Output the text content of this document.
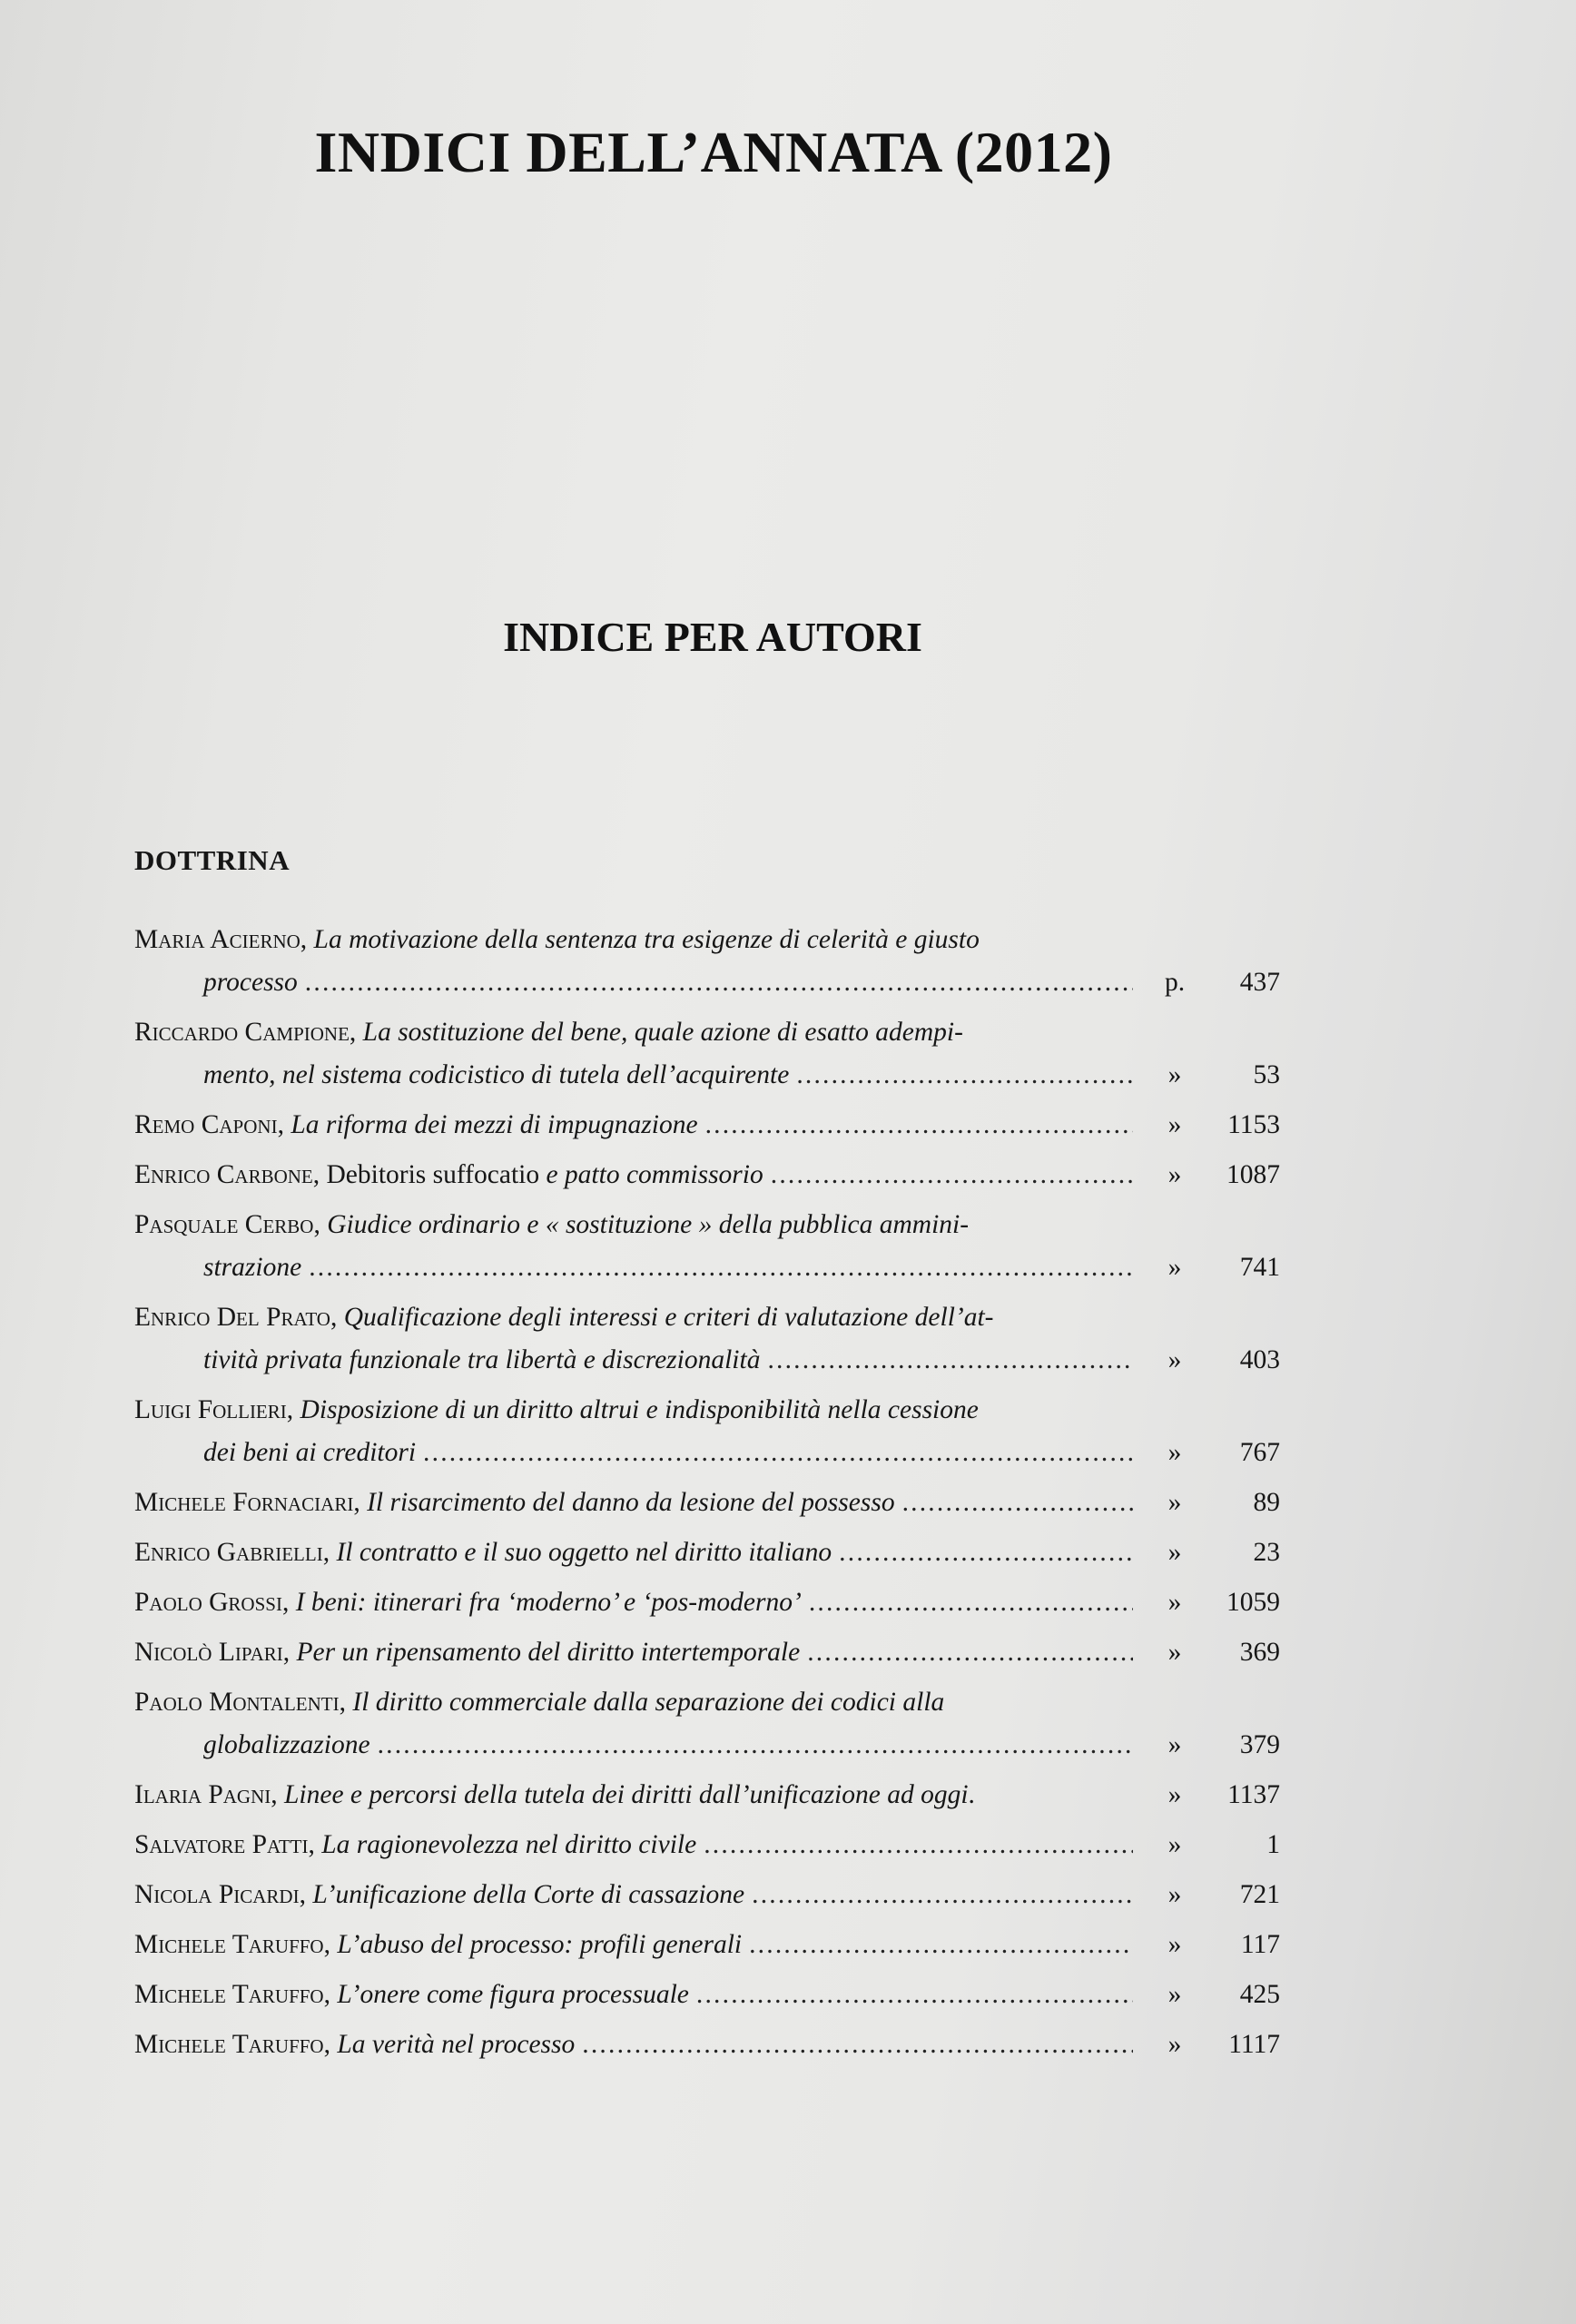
INDICI DELL’ANNATA (2012)
INDICE PER AUTORI
DOTTRINA
Maria Acierno, La motivazione della sentenza tra esigenze di celerità e giusto
processo .....	p.	437
Riccardo Campione, La sostituzione del bene, quale azione di esatto adempi-
mento, nel sistema codicistico di tutela dell’acquirente .....	»	53
Remo Caponi, La riforma dei mezzi di impugnazione .....	»	1153
Enrico Carbone, Debitoris suffocatio e patto commissorio .....	»	1087
Pasquale Cerbo, Giudice ordinario e « sostituzione » della pubblica ammini-
strazione .....	»	741
Enrico Del Prato, Qualificazione degli interessi e criteri di valutazione dell’at-
tività privata funzionale tra libertà e discrezionalità .....	»	403
Luigi Follieri, Disposizione di un diritto altrui e indisponibilità nella cessione
dei beni ai creditori .....	»	767
Michele Fornaciari, Il risarcimento del danno da lesione del possesso .....	»	89
Enrico Gabrielli, Il contratto e il suo oggetto nel diritto italiano .....	»	23
Paolo Grossi, I beni: itinerari fra ‘moderno’ e ‘pos-moderno’ .....	»	1059
Nicolò Lipari, Per un ripensamento del diritto intertemporale .....	»	369
Paolo Montalenti, Il diritto commerciale dalla separazione dei codici alla
globalizzazione .....	»	379
Ilaria Pagni, Linee e percorsi della tutela dei diritti dall’unificazione ad oggi.	»	1137
Salvatore Patti, La ragionevolezza nel diritto civile .....	»	1
Nicola Picardi, L’unificazione della Corte di cassazione .....	»	721
Michele Taruffo, L’abuso del processo: profili generali .....	»	117
Michele Taruffo, L’onere come figura processuale .....	»	425
Michele Taruffo, La verità nel processo .....	»	1117
